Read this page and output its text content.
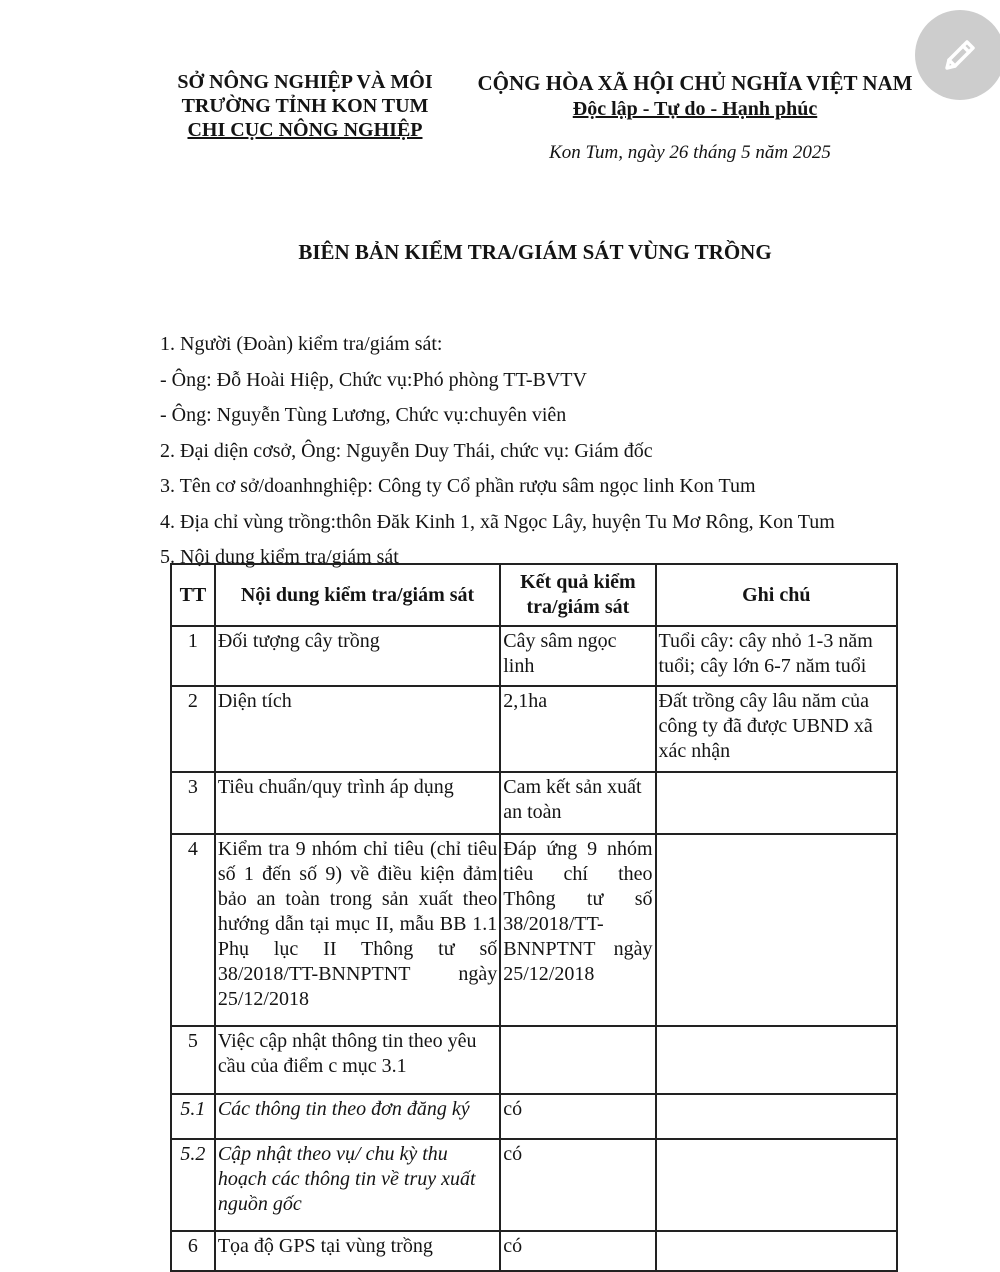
SỞ NÔNG NGHIỆP VÀ MÔI
TRƯỜNG TỈNH KON TUM
CHI CỤC NÔNG NGHIỆP
CỘNG HÒA XÃ HỘI CHỦ NGHĨA VIỆT NAM
Độc lập - Tự do - Hạnh phúc
Kon Tum, ngày 26 tháng 5 năm 2025
BIÊN BẢN KIỂM TRA/GIÁM SÁT VÙNG TRỒNG
1. Người (Đoàn) kiểm tra/giám sát:
- Ông: Đỗ Hoài Hiệp, Chức vụ:Phó phòng TT-BVTV
- Ông: Nguyễn Tùng Lương, Chức vụ:chuyên viên
2. Đại diện cơsở, Ông: Nguyễn Duy Thái, chức vụ: Giám đốc
3. Tên cơ sở/doanhnghiệp: Công ty Cổ phần rượu sâm ngọc linh Kon Tum
4. Địa chỉ vùng trồng:thôn Đăk Kinh 1, xã Ngọc Lây, huyện Tu Mơ Rông, Kon Tum
5. Nội dung kiểm tra/giám sát
TT	Nội dung kiểm tra/giám sát	Kết quả kiểm tra/giám sát	Ghi chú
1	Đối tượng cây trồng	Cây sâm ngọc linh	Tuổi cây: cây nhỏ 1-3 năm tuổi; cây lớn 6-7 năm tuổi
2	Diện tích	2,1ha	Đất trồng cây lâu năm của công ty đã được UBND xã xác nhận
3	Tiêu chuẩn/quy trình áp dụng	Cam kết sản xuất an toàn	
4	Kiểm tra 9 nhóm chỉ tiêu (chỉ tiêu số 1 đến số 9) về điều kiện đảm bảo an toàn trong sản xuất theo hướng dẫn tại mục II, mẫu BB 1.1 Phụ lục II Thông tư số 38/2018/TT-BNNPTNT ngày 25/12/2018	Đáp ứng 9 nhóm tiêu chí theo Thông tư số 38/2018/TT-BNNPTNT ngày 25/12/2018	
5	Việc cập nhật thông tin theo yêu cầu của điểm c mục 3.1		
5.1	Các thông tin theo đơn đăng ký	có	
5.2	Cập nhật theo vụ/ chu kỳ thu hoạch các thông tin về truy xuất nguồn gốc	có	
6	Tọa độ GPS tại vùng trồng	có	
